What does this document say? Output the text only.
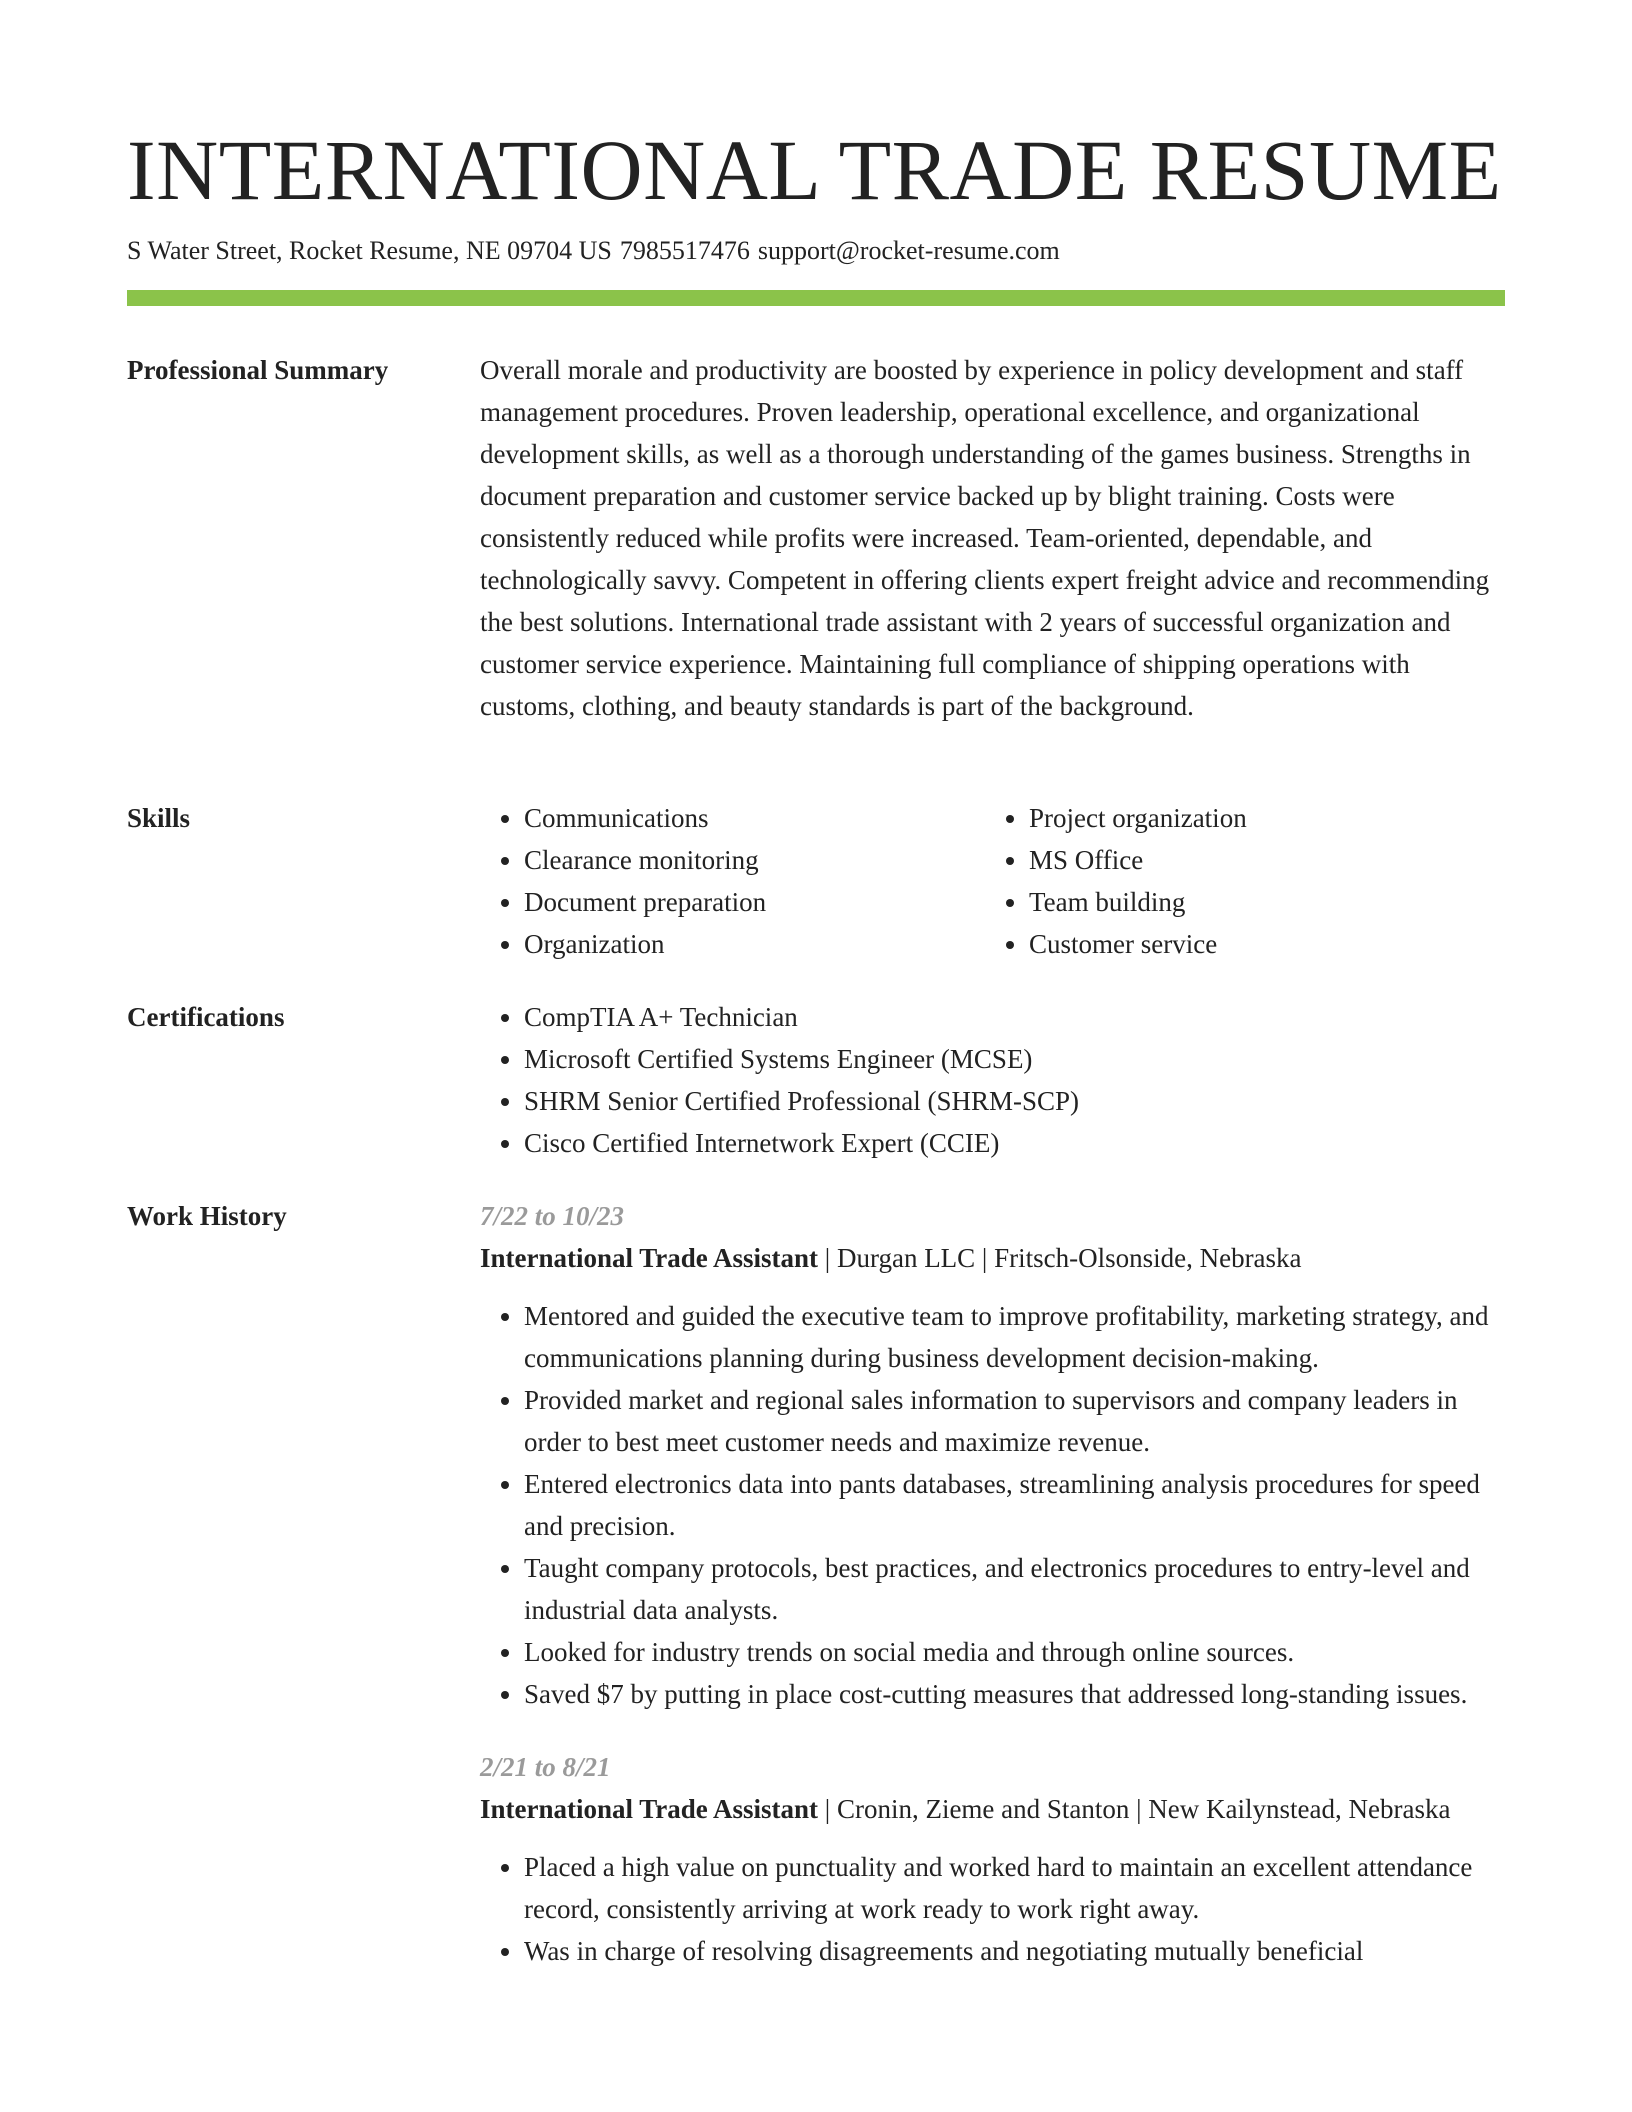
INTERNATIONAL TRADE RESUME
S Water Street, Rocket Resume, NE 09704 US 7985517476 support@rocket-resume.com
Professional Summary	Overall morale and productivity are boosted by experience in policy development and staff management procedures. Proven leadership, operational excellence, and organizational development skills, as well as a thorough understanding of the games business. Strengths in document preparation and customer service backed up by blight training. Costs were consistently reduced while profits were increased. Team-oriented, dependable, and technologically savvy. Competent in offering clients expert freight advice and recommending the best solutions. International trade assistant with 2 years of successful organization and customer service experience. Maintaining full compliance of shipping operations with customs, clothing, and beauty standards is part of the background.

Skills	• Communications
• Clearance monitoring
• Document preparation
• Organization
• Project organization
• MS Office
• Team building
• Customer service
Certifications	• CompTIA A+ Technician
• Microsoft Certified Systems Engineer (MCSE)
• SHRM Senior Certified Professional (SHRM-SCP)
• Cisco Certified Internetwork Expert (CCIE)
Work History	7/22 to 10/23
International Trade Assistant | Durgan LLC | Fritsch-Olsonside, Nebraska
• Mentored and guided the executive team to improve profitability, marketing strategy, and communications planning during business development decision-making.
• Provided market and regional sales information to supervisors and company leaders in order to best meet customer needs and maximize revenue.
• Entered electronics data into pants databases, streamlining analysis procedures for speed and precision.
• Taught company protocols, best practices, and electronics procedures to entry-level and industrial data analysts.
• Looked for industry trends on social media and through online sources.
• Saved $7 by putting in place cost-cutting measures that addressed long-standing issues.
2/21 to 8/21
International Trade Assistant | Cronin, Zieme and Stanton | New Kailynstead, Nebraska
• Placed a high value on punctuality and worked hard to maintain an excellent attendance record, consistently arriving at work ready to work right away.
• Was in charge of resolving disagreements and negotiating mutually beneficial
